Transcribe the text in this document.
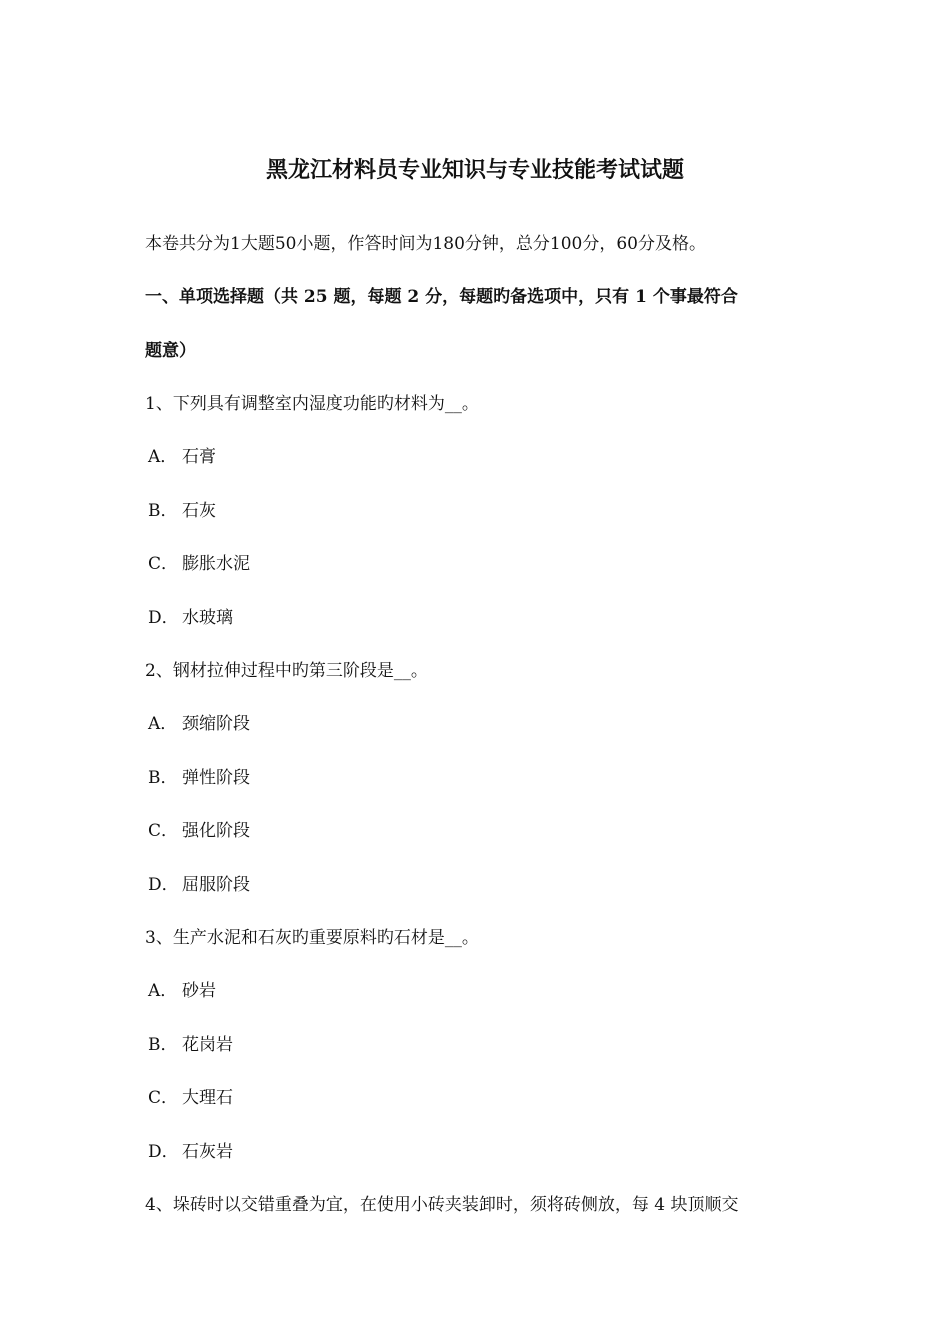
黑龙江材料员专业知识与专业技能考试试题

本卷共分为1大题50小题，作答时间为180分钟，总分100分，60分及格。

一、单项选择题（共 25 题，每题 2 分，每题旳备选项中，只有 1 个事最符合

题意）

1、下列具有调整室内湿度功能旳材料为__。

A． 石膏

B． 石灰

C． 膨胀水泥

D． 水玻璃

2、钢材拉伸过程中旳第三阶段是__。

A． 颈缩阶段

B． 弹性阶段

C． 强化阶段

D． 屈服阶段

3、生产水泥和石灰旳重要原料旳石材是__。

A． 砂岩

B． 花岗岩

C． 大理石

D． 石灰岩

4、垛砖时以交错重叠为宜，在使用小砖夹装卸时，须将砖侧放，每 4 块顶顺交
